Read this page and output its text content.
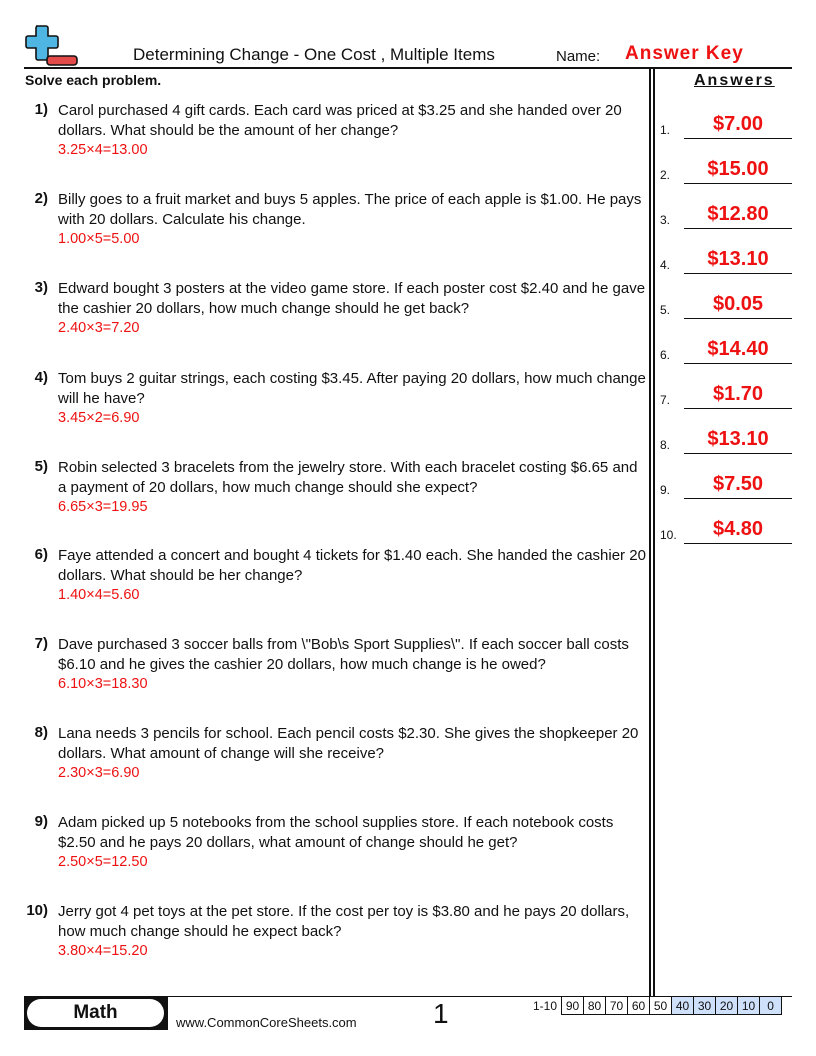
Determining Change - One Cost , Multiple Items	Name: Answer Key
Solve each problem.	Answers
1) Carol purchased 4 gift cards. Each card was priced at $3.25 and she handed over 20 dollars. What should be the amount of her change?
3.25×4=13.00
2) Billy goes to a fruit market and buys 5 apples. The price of each apple is $1.00. He pays with 20 dollars. Calculate his change.
1.00×5=5.00
3) Edward bought 3 posters at the video game store. If each poster cost $2.40 and he gave the cashier 20 dollars, how much change should he get back?
2.40×3=7.20
4) Tom buys 2 guitar strings, each costing $3.45. After paying 20 dollars, how much change will he have?
3.45×2=6.90
5) Robin selected 3 bracelets from the jewelry store. With each bracelet costing $6.65 and a payment of 20 dollars, how much change should she expect?
6.65×3=19.95
6) Faye attended a concert and bought 4 tickets for $1.40 each. She handed the cashier 20 dollars. What should be her change?
1.40×4=5.60
7) Dave purchased 3 soccer balls from \"Bob\s Sport Supplies\". If each soccer ball costs $6.10 and he gives the cashier 20 dollars, how much change is he owed?
6.10×3=18.30
8) Lana needs 3 pencils for school. Each pencil costs $2.30. She gives the shopkeeper 20 dollars. What amount of change will she receive?
2.30×3=6.90
9) Adam picked up 5 notebooks from the school supplies store. If each notebook costs $2.50 and he pays 20 dollars, what amount of change should he get?
2.50×5=12.50
10) Jerry got 4 pet toys at the pet store. If the cost per toy is $3.80 and he pays 20 dollars, how much change should he expect back?
3.80×4=15.20
1.	$7.00
2.	$15.00
3.	$12.80
4.	$13.10
5.	$0.05
6.	$14.40
7.	$1.70
8.	$13.10
9.	$7.50
10.	$4.80
Math	www.CommonCoreSheets.com	1	1-10	90	80	70	60	50	40	30	20	10	0
